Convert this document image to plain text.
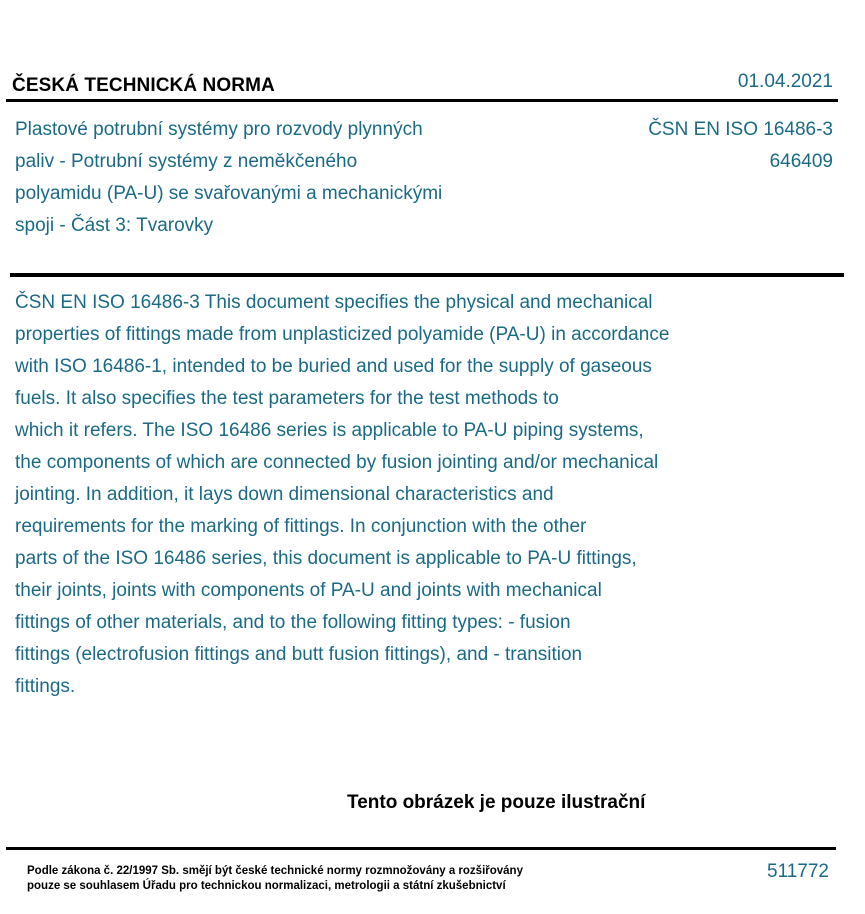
ČESKÁ TECHNICKÁ NORMA	01.04.2021
Plastové potrubní systémy pro rozvody plynných
paliv - Potrubní systémy z neměkčeného
polyamidu (PA-U) se svařovanými a mechanickými
spoji - Část 3: Tvarovky
ČSN EN ISO 16486-3
646409
ČSN EN ISO 16486-3 This document specifies the physical and mechanical
properties of fittings made from unplasticized polyamide (PA-U) in accordance
with ISO 16486-1, intended to be buried and used for the supply of gaseous
fuels. It also specifies the test parameters for the test methods to
which it refers. The ISO 16486 series is applicable to PA-U piping systems,
the components of which are connected by fusion jointing and/or mechanical
jointing. In addition, it lays down dimensional characteristics and
requirements for the marking of fittings. In conjunction with the other
parts of the ISO 16486 series, this document is applicable to PA-U fittings,
their joints, joints with components of PA-U and joints with mechanical
fittings of other materials, and to the following fitting types: - fusion
fittings (electrofusion fittings and butt fusion fittings), and - transition
fittings.
Tento obrázek je pouze ilustrační
Podle zákona č. 22/1997 Sb. smějí být české technické normy rozmnožovány a rozšiřovány
pouze se souhlasem Úřadu pro technickou normalizaci, metrologii a státní zkušebnictví
511772
